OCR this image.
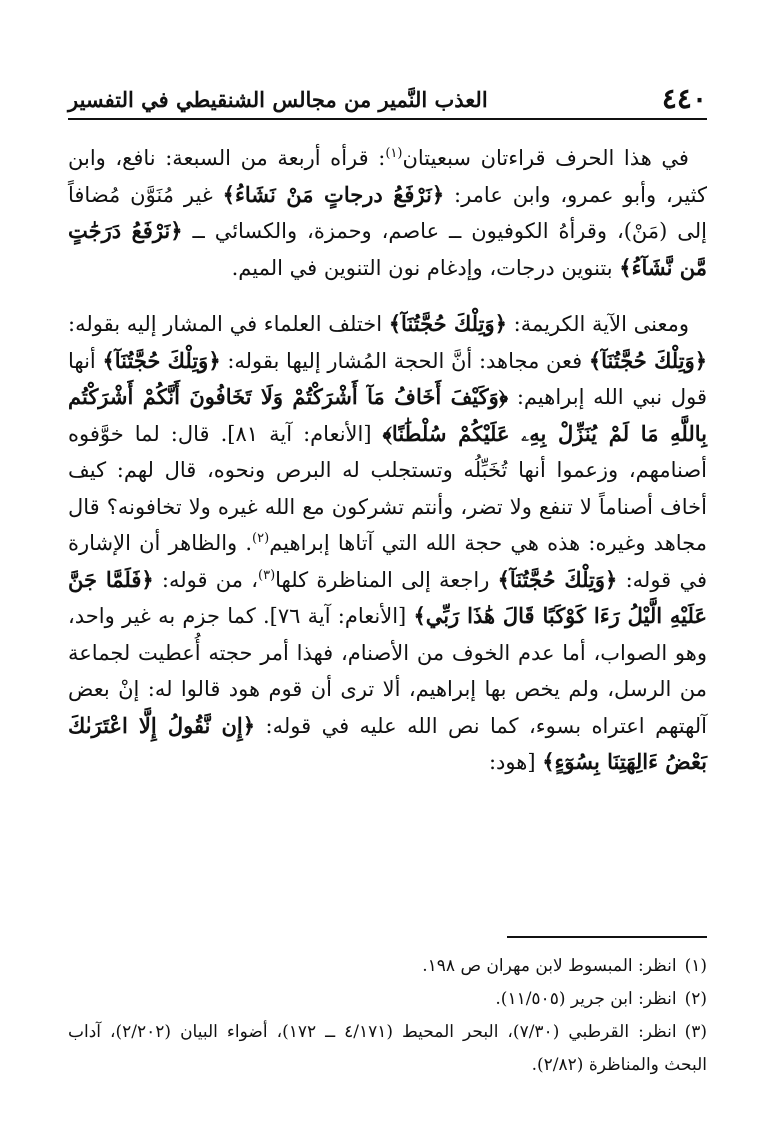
٤٤٠
العذب النَّمير من مجالس الشنقيطي في التفسير

في هذا الحرف قراءتان سبعيتان$^{(١)}$: قرأه أربعة من السبعة: نافع، وابن كثير، وأبو عمرو، وابن عامر: ﴿نَرْفَعُ درجاتٍ مَنْ نَشَاءُ﴾ غير مُنَوَّن مُضافاً إلى (مَنْ)، وقرأهُ الكوفيون ــ عاصم، وحمزة، والكسائي ــ ﴿نَرْفَعُ دَرَجَٰتٍ مَّن نَّشَآءُ﴾ بتنوين درجات، وإدغام نون التنوين في الميم.

ومعنى الآية الكريمة: ﴿وَتِلْكَ حُجَّتُنَآ﴾ اختلف العلماء في المشار إليه بقوله: ﴿وَتِلْكَ حُجَّتُنَآ﴾ فعن مجاهد: أنَّ الحجة المُشار إليها بقوله: ﴿وَتِلْكَ حُجَّتُنَآ﴾ أنها قول نبي الله إبراهيم: ﴿وَكَيْفَ أَخَافُ مَآ أَشْرَكْتُمْ وَلَا تَخَافُونَ أَنَّكُمْ أَشْرَكْتُم بِاللَّهِ مَا لَمْ يُنَزِّلْ بِهِۦ عَلَيْكُمْ سُلْطَٰنًا﴾ [الأنعام: آية ٨١]. قال: لما خوَّفوه أصنامهم، وزعموا أنها تُخَبِّلُه وتستجلب له البرص ونحوه، قال لهم: كيف أخاف أصناماً لا تنفع ولا تضر، وأنتم تشركون مع الله غيره ولا تخافونه؟ قال مجاهد وغيره: هذه هي حجة الله التي آتاها إبراهيم$^{(٢)}$. والظاهر أن الإشارة في قوله: ﴿وَتِلْكَ حُجَّتُنَآ﴾ راجعة إلى المناظرة كلها$^{(٣)}$، من قوله: ﴿فَلَمَّا جَنَّ عَلَيْهِ الَّيْلُ رَءَا كَوْكَبًا قَالَ هَٰذَا رَبِّي﴾ [الأنعام: آية ٧٦]. كما جزم به غير واحد، وهو الصواب، أما عدم الخوف من الأصنام، فهذا أمر حجته أُعطيت لجماعة من الرسل، ولم يخص بها إبراهيم، ألا ترى أن قوم هود قالوا له: إنْ بعض آلهتهم اعتراه بسوء، كما نص الله عليه في قوله: ﴿إِن نَّقُولُ إِلَّا اعْتَرَىٰكَ بَعْضُ ءَالِهَتِنَا بِسُوٓءٍ﴾ [هود:

(١)انظر: المبسوط لابن مهران ص ١٩٨.

(٢)انظر: ابن جرير (١١/٥٠٥).

(٣)انظر: القرطبي (٧/٣٠)، البحر المحيط (٤/١٧١ ــ ١٧٢)، أضواء البيان (٢/٢٠٢)، آداب البحث والمناظرة (٢/٨٢).
